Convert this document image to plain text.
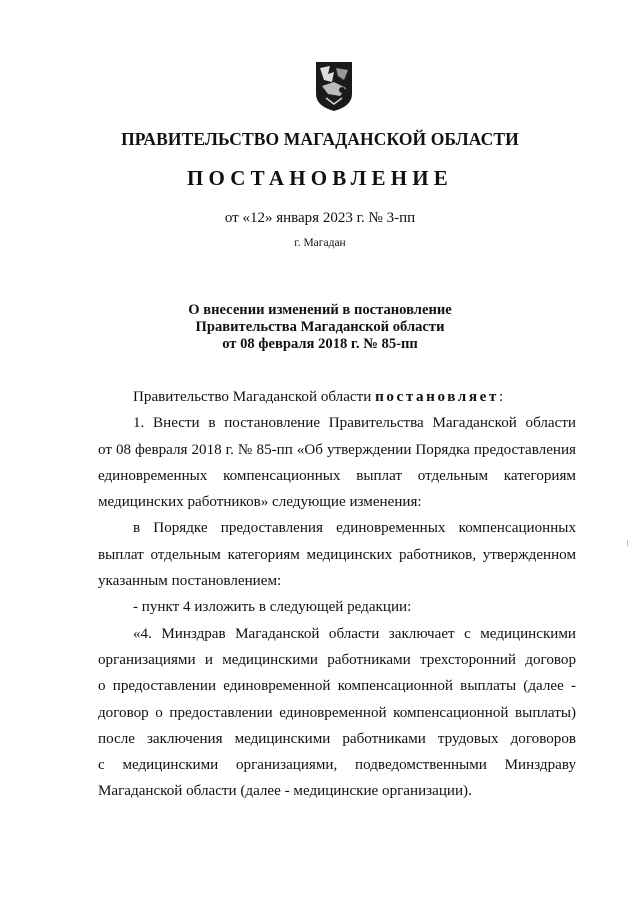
ПРАВИТЕЛЬСТВО МАГАДАНСКОЙ ОБЛАСТИ
ПОСТАНОВЛЕНИЕ
от «12» января 2023 г. № 3-пп
г. Магадан
О внесении изменений в постановление
Правительства Магаданской области
от 08 февраля 2018 г. № 85-пп
Правительство Магаданской области постановляет:
1. Внести в постановление Правительства Магаданской области
от 08 февраля 2018 г. № 85-пп «Об утверждении Порядка предоставления
единовременных компенсационных выплат отдельным категориям
медицинских работников» следующие изменения:
в Порядке предоставления единовременных компенсационных
выплат отдельным категориям медицинских работников, утвержденном
указанным постановлением:
- пункт 4 изложить в следующей редакции:
«4. Минздрав Магаданской области заключает с медицинскими
организациями и медицинскими работниками трехсторонний договор
о предоставлении единовременной компенсационной выплаты (далее -
договор о предоставлении единовременной компенсационной выплаты)
после заключения медицинскими работниками трудовых договоров
с медицинскими организациями, подведомственными Минздраву
Магаданской области (далее - медицинские организации).
